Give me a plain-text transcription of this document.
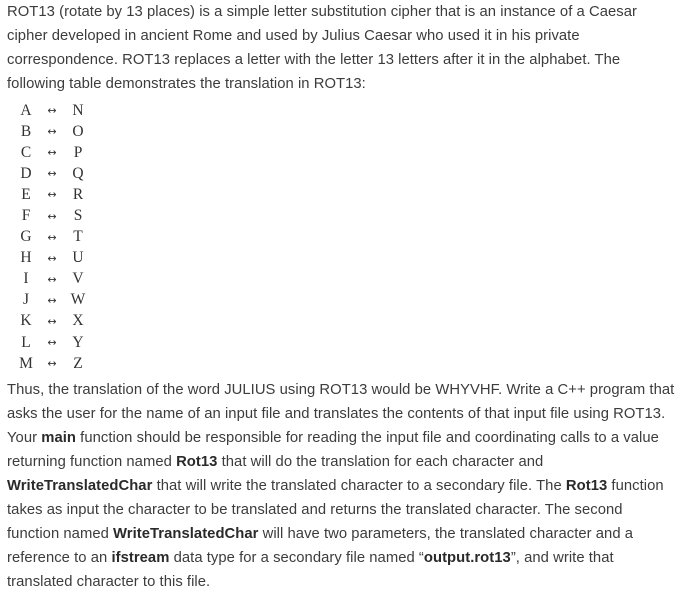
ROT13 (rotate by 13 places) is a simple letter substitution cipher that is an instance of a Caesar cipher developed in ancient Rome and used by Julius Caesar who used it in his private correspondence. ROT13 replaces a letter with the letter 13 letters after it in the alphabet. The following table demonstrates the translation in ROT13:

A	↔	N
B	↔	O
C	↔	P
D	↔	Q
E	↔	R
F	↔	S
G	↔	T
H	↔	U
I	↔	V
J	↔ W
K	↔	X
L	↔	Y
M	↔	Z

Thus, the translation of the word JULIUS using ROT13 would be WHYVHF. Write a C++ program that asks the user for the name of an input file and translates the contents of that input file using ROT13. Your main function should be responsible for reading the input file and coordinating calls to a value returning function named Rot13 that will do the translation for each character and WriteTranslatedChar that will write the translated character to a secondary file. The Rot13 function takes as input the character to be translated and returns the translated character. The second function named WriteTranslatedChar will have two parameters, the translated character and a reference to an ifstream data type for a secondary file named “output.rot13”, and write that translated character to this file.
